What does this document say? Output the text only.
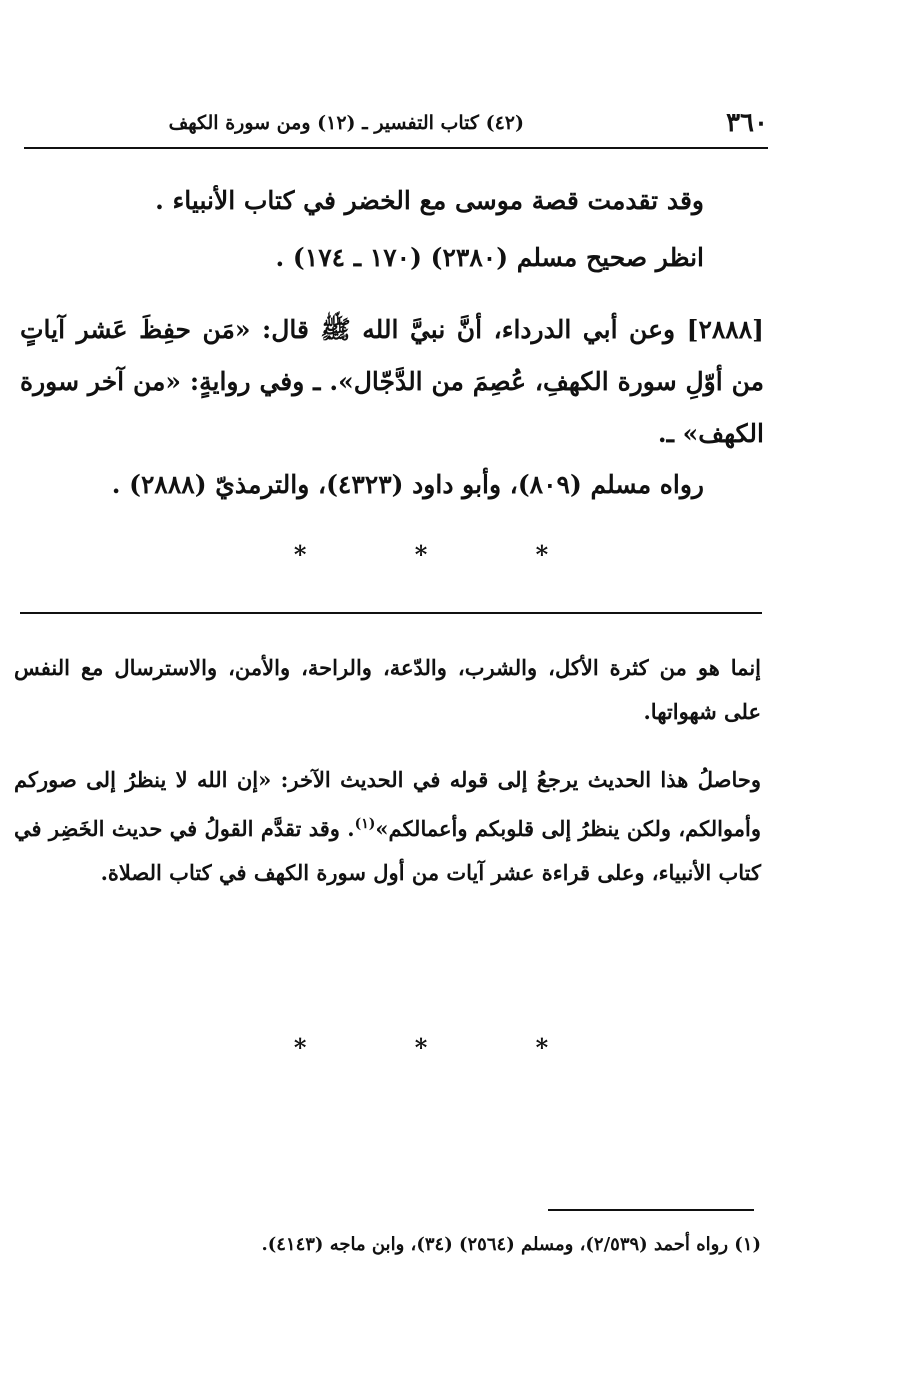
٣٦٠
(٤٢) كتاب التفسير ـ (١٢) ومن سورة الكهف

وقد تقدمت قصة موسى مع الخضر في كتاب الأنبياء .

انظر صحيح مسلم (٢٣٨٠) (١٧٠ ـ ١٧٤) .

[٢٨٨٨] وعن أبي الدرداء، أنَّ نبيَّ الله ﷺ قال: «مَن حفِظَ عَشر آياتٍ من أوّلِ سورة الكهفِ، عُصِمَ من الدَّجّال». ـ وفي روايةٍ: «من آخر سورة الكهف» ـ.

رواه مسلم (٨٠٩)، وأبو داود (٤٣٢٣)، والترمذيّ (٢٨٨٨) .

* * *

إنما هو من كثرة الأكل، والشرب، والدّعة، والراحة، والأمن، والاسترسال مع النفس على شهواتها.

وحاصلُ هذا الحديث يرجعُ إلى قوله في الحديث الآخر: «إن الله لا ينظرُ إلى صوركم وأموالكم، ولكن ينظرُ إلى قلوبكم وأعمالكم»$^{(١)}$. وقد تقدَّم القولُ في حديث الخَضِر في كتاب الأنبياء، وعلى قراءة عشر آيات من أول سورة الكهف في كتاب الصلاة.

* * *
(١) رواه أحمد (٢/٥٣٩)، ومسلم (٢٥٦٤) (٣٤)، وابن ماجه (٤١٤٣).
